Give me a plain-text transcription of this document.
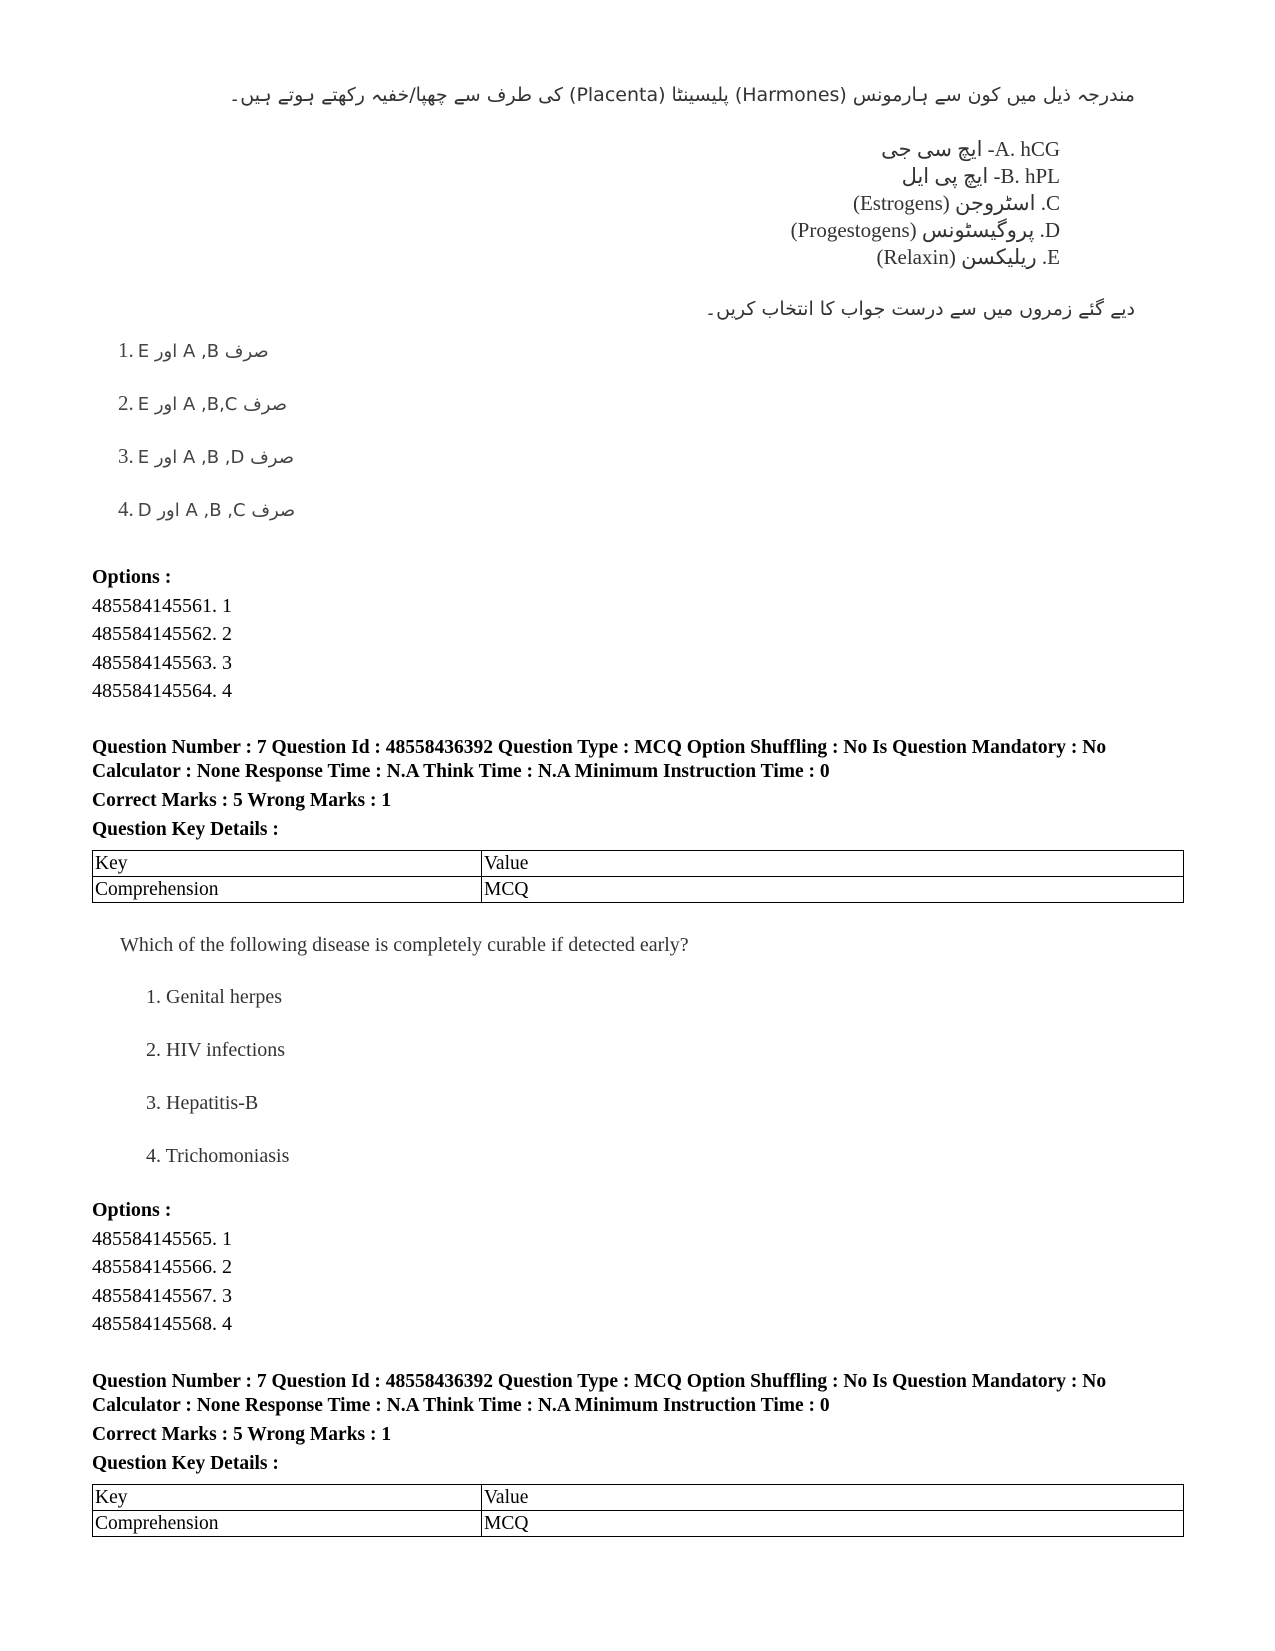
مندرجہ ذیل میں کون سے ہارمونس (Harmones) پلیسینٹا (Placenta) کی طرف سے چھپا/خفیہ رکھتے ہوتے ہیں۔
A. hCG- ایچ سی جی
B. hPL- ایچ پی ایل
C. اسٹروجن (Estrogens)
D. پروگیسٹونس (Progestogens)
E. ریلیکسن (Relaxin)
دیے گئے زمروں میں سے درست جواب کا انتخاب کریں۔
1. صرف A ,B اور E
2. صرف A ,B,C اور E
3. صرف A ,B ,D اور E
4. صرف A ,B ,C اور D
Options :
485584145561. 1
485584145562. 2
485584145563. 3
485584145564. 4
Question Number : 7 Question Id : 48558436392 Question Type : MCQ Option Shuffling : No Is Question Mandatory : No
Calculator : None Response Time : N.A Think Time : N.A Minimum Instruction Time : 0
Correct Marks : 5 Wrong Marks : 1
Question Key Details :
Key	Value
Comprehension	MCQ
Which of the following disease is completely curable if detected early?
1. Genital herpes
2. HIV infections
3. Hepatitis-B
4. Trichomoniasis
Options :
485584145565. 1
485584145566. 2
485584145567. 3
485584145568. 4
Question Number : 7 Question Id : 48558436392 Question Type : MCQ Option Shuffling : No Is Question Mandatory : No
Calculator : None Response Time : N.A Think Time : N.A Minimum Instruction Time : 0
Correct Marks : 5 Wrong Marks : 1
Question Key Details :
Key	Value
Comprehension	MCQ
